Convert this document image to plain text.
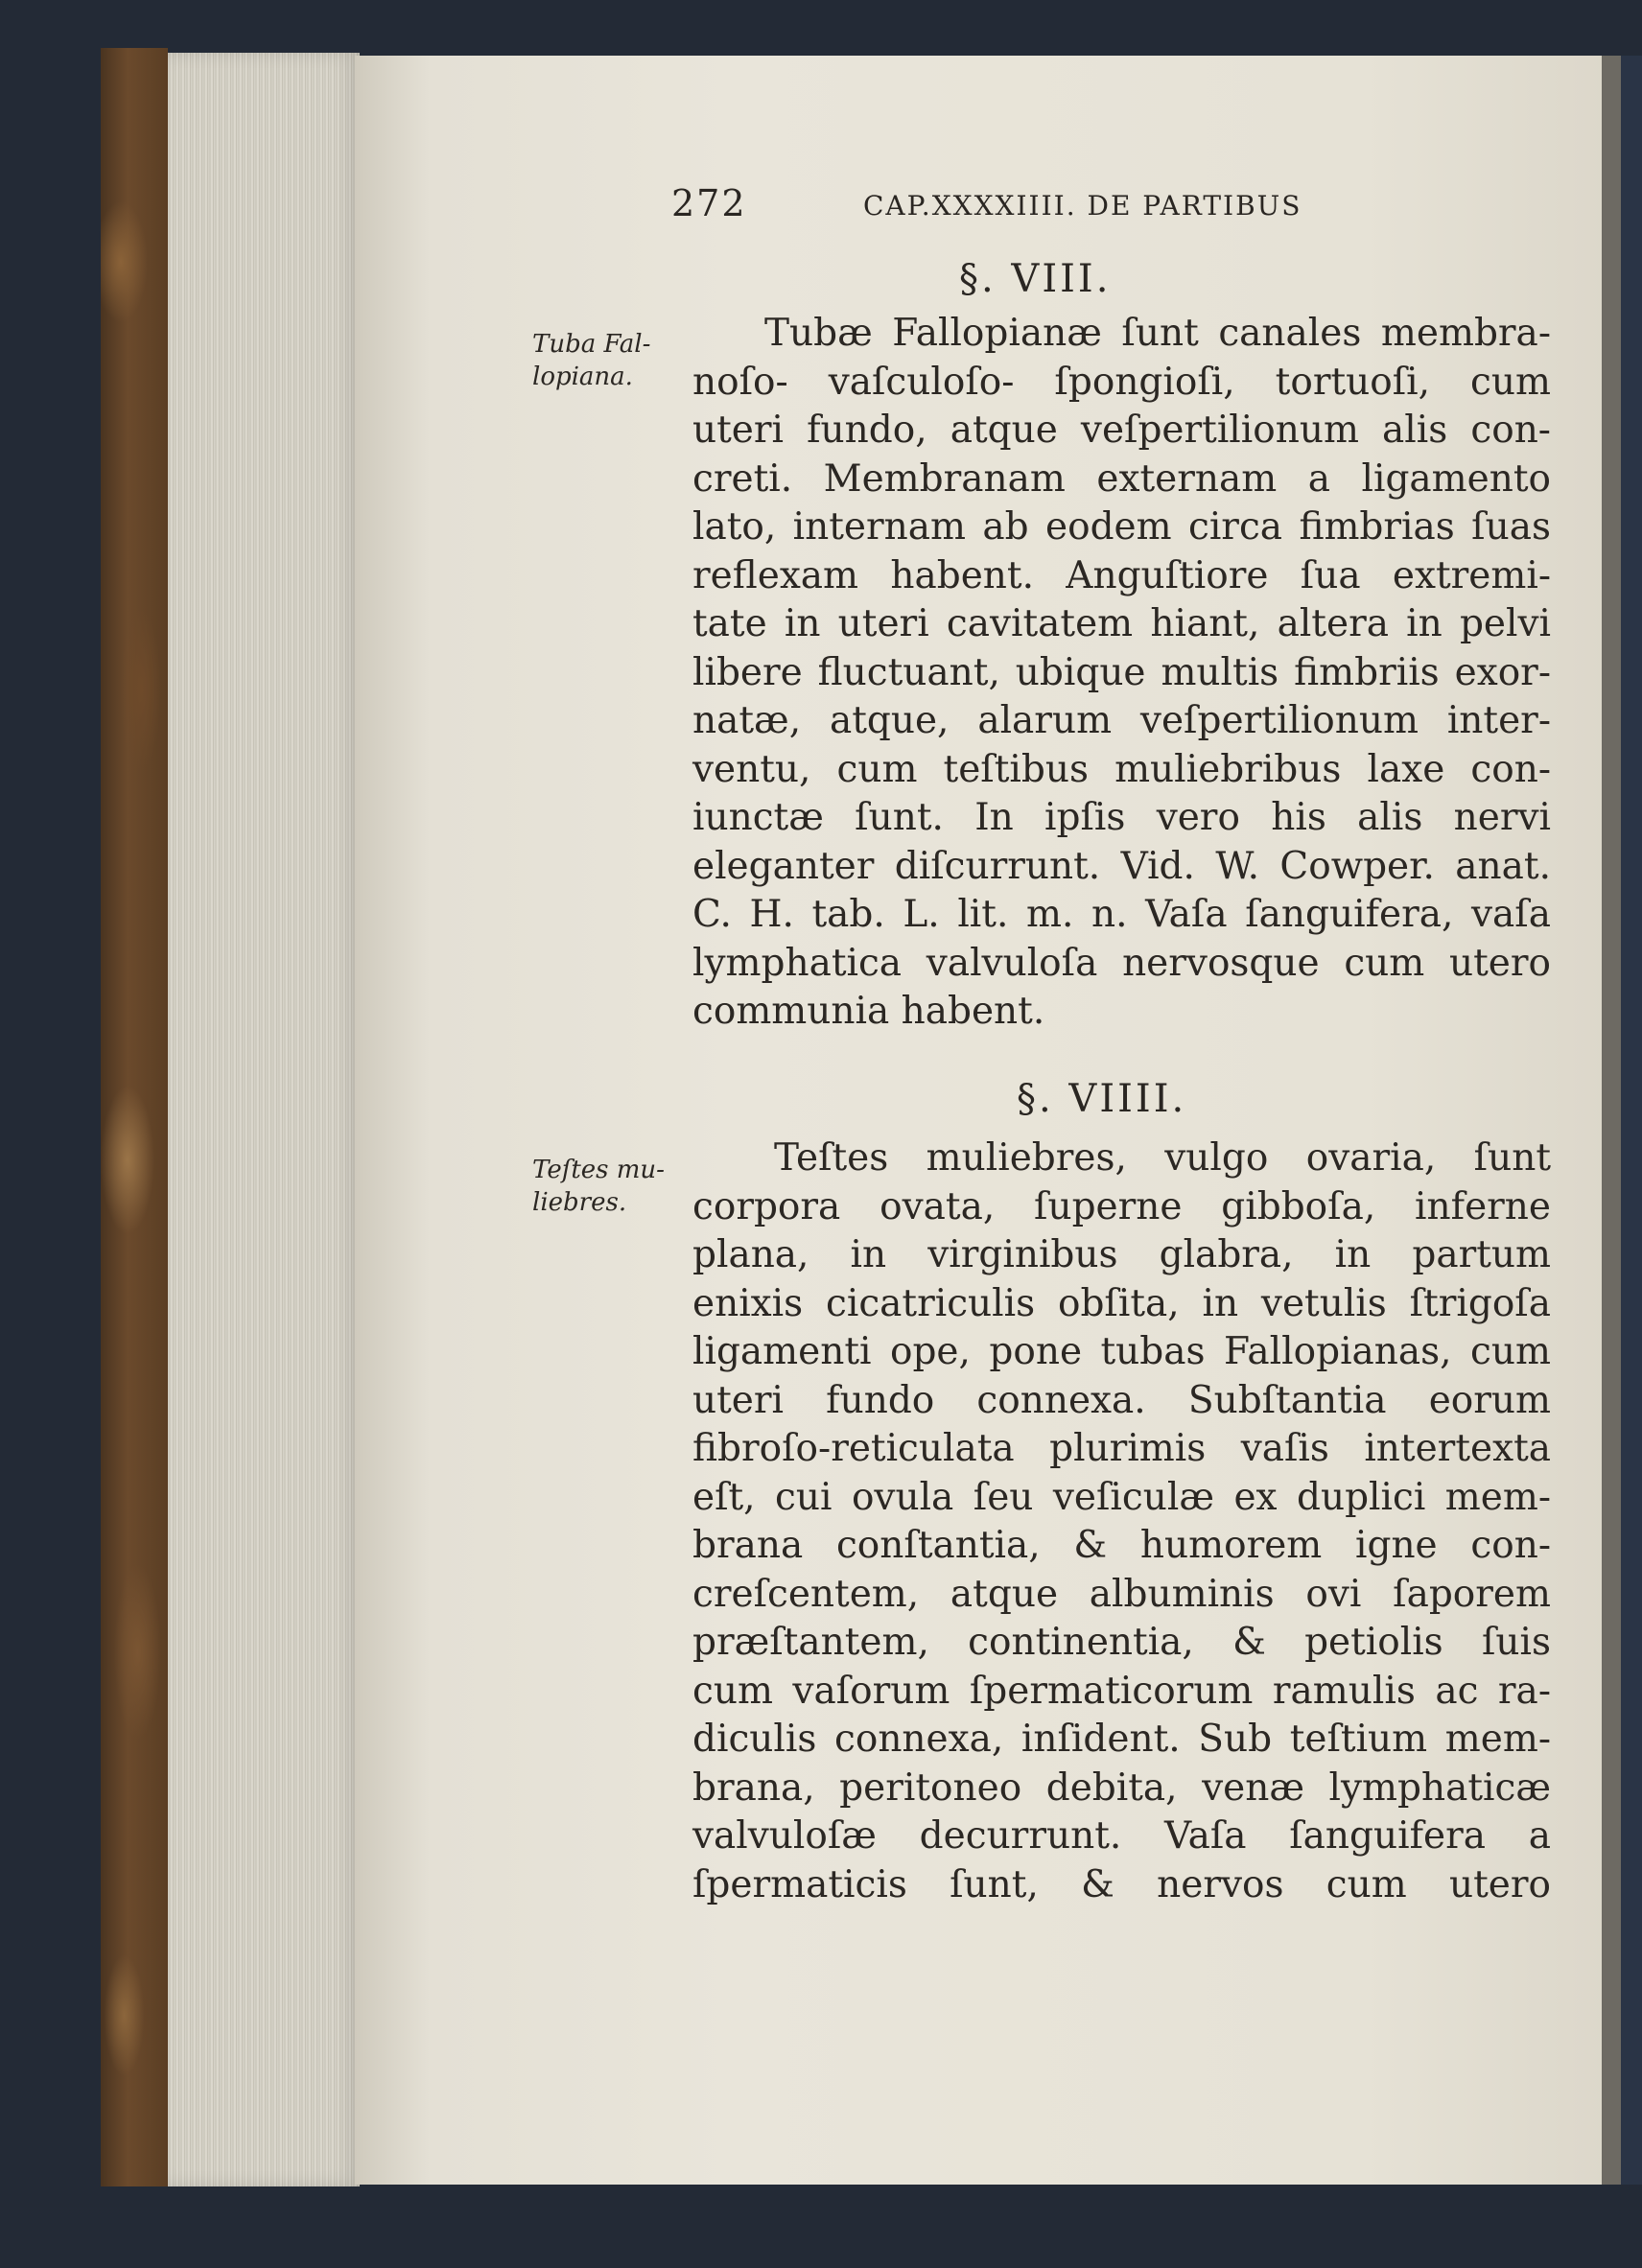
272	CAP.XXXXIIII. DE PARTIBUS
§. VIII.
Tuba Fal-
lopiana.
Tubæ Fallopianæ ſunt canales membra-
noſo- vaſculoſo- ſpongioſi, tortuoſi, cum
uteri fundo, atque veſpertilionum alis con-
creti. Membranam externam a ligamento
lato, internam ab eodem circa fimbrias ſuas
reflexam habent. Anguſtiore ſua extremi-
tate in uteri cavitatem hiant, altera in pelvi
libere fluctuant, ubique multis fimbriis exor-
natæ, atque, alarum veſpertilionum inter-
ventu, cum teſtibus muliebribus laxe con-
iunctæ ſunt. In ipſis vero his alis nervi
eleganter diſcurrunt. Vid. W. Cowper. anat.
C. H. tab. L. lit. m. n. Vaſa ſanguifera, vaſa
lymphatica valvuloſa nervosque cum utero
communia habent.
§. VIIII.
Teſtes mu-
liebres.
Teſtes muliebres, vulgo ovaria, ſunt
corpora ovata, ſuperne gibboſa, inferne
plana, in virginibus glabra, in partum
enixis cicatriculis obſita, in vetulis ſtrigoſa
ligamenti ope, pone tubas Fallopianas, cum
uteri fundo connexa. Subſtantia eorum
fibroſo-reticulata plurimis vaſis intertexta
eſt, cui ovula ſeu veſiculæ ex duplici mem-
brana conſtantia, & humorem igne con-
creſcentem, atque albuminis ovi ſaporem
præſtantem, continentia, & petiolis ſuis
cum vaſorum ſpermaticorum ramulis ac ra-
diculis connexa, inſident. Sub teſtium mem-
brana, peritoneo debita, venæ lymphaticæ
valvuloſæ decurrunt. Vaſa ſanguifera a
ſpermaticis ſunt, & nervos cum utero
